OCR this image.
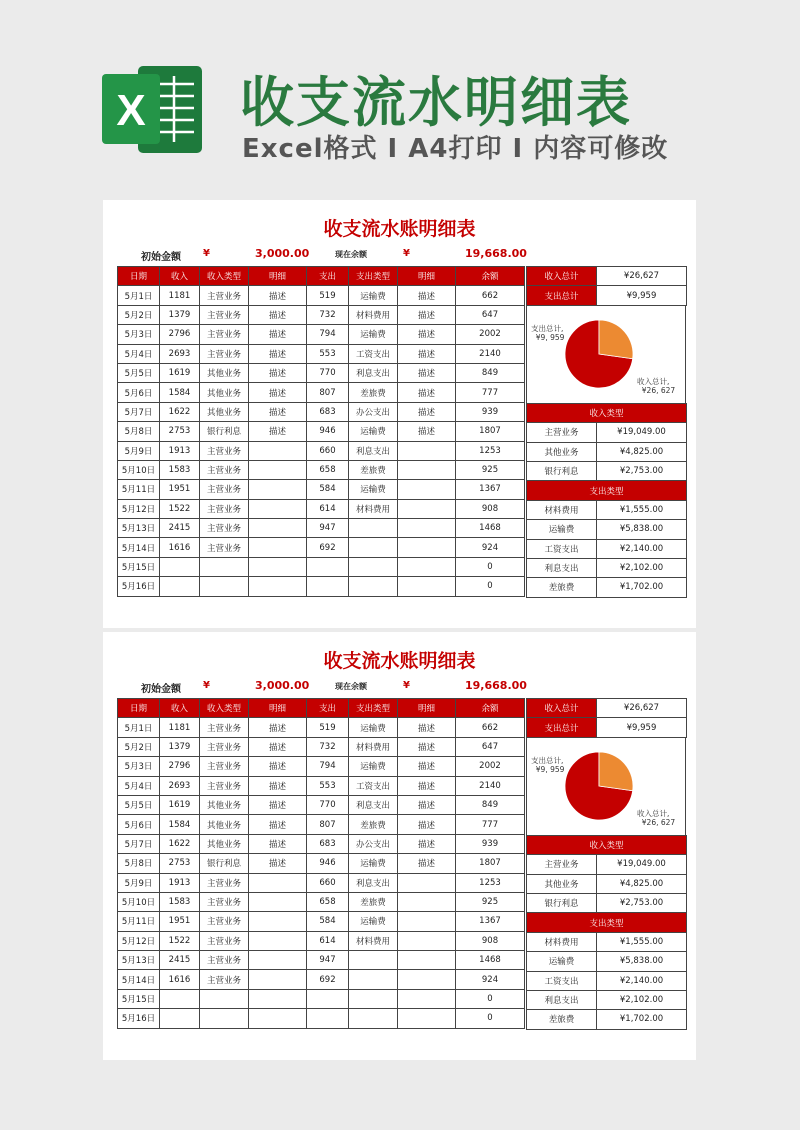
X 收支流水明细表
Excel格式 I A4打印 I 内容可修改
收支流水账明细表
初始金额 ¥	3,000.00	现在余额	¥	19,668.00
日期	收入	收入类型	明细	支出	支出类型	明细	余额
5月1日	1181	主营业务	描述	519	运输费	描述	662
5月2日	1379	主营业务	描述	732	材料费用	描述	647
5月3日	2796	主营业务	描述	794	运输费	描述	2002
5月4日	2693	主营业务	描述	553	工资支出	描述	2140
5月5日	1619	其他业务	描述	770	利息支出	描述	849
5月6日	1584	其他业务	描述	807	差旅费	描述	777
5月7日	1622	其他业务	描述	683	办公支出	描述	939
5月8日	2753	银行利息	描述	946	运输费	描述	1807
5月9日	1913	主营业务		660	利息支出		1253
5月10日	1583	主营业务		658	差旅费		925
5月11日	1951	主营业务		584	运输费		1367
5月12日	1522	主营业务		614	材料费用		908
5月13日	2415	主营业务		947			1468
5月14日	1616	主营业务		692			924
5月15日							0
5月16日							0
收入总计	¥26,627
支出总计	¥9,959
支出总计,
¥9, 959
收入总计,
¥26, 627
收入类型	
主营业务	¥19,049.00
其他业务	¥4,825.00
银行利息	¥2,753.00
支出类型	
材料费用	¥1,555.00
运输费	¥5,838.00
工资支出	¥2,140.00
利息支出	¥2,102.00
差旅费	¥1,702.00
收支流水账明细表
初始金额 ¥	3,000.00	现在余额	¥	19,668.00
日期	收入	收入类型	明细	支出	支出类型	明细	余额
5月1日	1181	主营业务	描述	519	运输费	描述	662
5月2日	1379	主营业务	描述	732	材料费用	描述	647
5月3日	2796	主营业务	描述	794	运输费	描述	2002
5月4日	2693	主营业务	描述	553	工资支出	描述	2140
5月5日	1619	其他业务	描述	770	利息支出	描述	849
5月6日	1584	其他业务	描述	807	差旅费	描述	777
5月7日	1622	其他业务	描述	683	办公支出	描述	939
5月8日	2753	银行利息	描述	946	运输费	描述	1807
5月9日	1913	主营业务		660	利息支出		1253
5月10日	1583	主营业务		658	差旅费		925
5月11日	1951	主营业务		584	运输费		1367
5月12日	1522	主营业务		614	材料费用		908
5月13日	2415	主营业务		947			1468
5月14日	1616	主营业务		692			924
5月15日							0
5月16日							0
收入总计	¥26,627
支出总计	¥9,959
支出总计,
¥9, 959
收入总计,
¥26, 627
收入类型	
主营业务	¥19,049.00
其他业务	¥4,825.00
银行利息	¥2,753.00
支出类型	
材料费用	¥1,555.00
运输费	¥5,838.00
工资支出	¥2,140.00
利息支出	¥2,102.00
差旅费	¥1,702.00
